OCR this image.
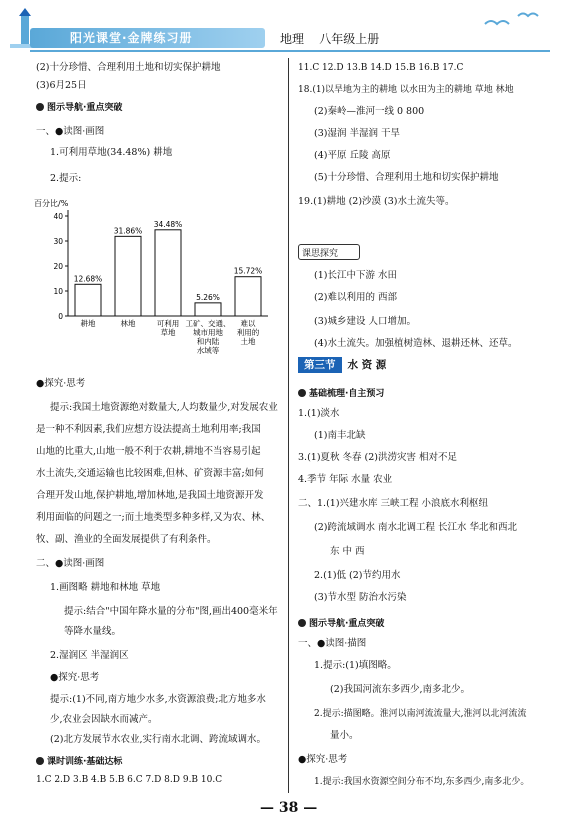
阳光课堂·金牌练习册	地理 八年级上册
(2)十分珍惜、合理利用土地和切实保护耕地
(3)6月25日
图示导航·重点突破
一、●读图·画图
1.可利用草地(34.48%) 耕地
2.提示:
百分比/%
0
10
20
30
40
12.68%
耕地
31.86%
林地
34.48%
可利用
草地
5.26%
工矿、交通、
城市用地
和内陆
水域等
15.72%
难以
利用的
土地
●探究·思考
提示:我国土地资源绝对数量大,人均数量少,对发展农业
是一种不利因素,我们应想方设法提高土地利用率;我国
山地的比重大,山地一般不利于农耕,耕地不当容易引起
水土流失,交通运输也比较困难,但林、矿资源丰富;如何
合理开发山地,保护耕地,增加林地,是我国土地资源开发
利用面临的问题之一;而土地类型多种多样,又为农、林、
牧、副、渔业的全面发展提供了有利条件。
二、●读图·画图
1.画图略 耕地和林地 草地
提示:结合"中国年降水量的分布"图,画出400毫米年
等降水量线。
2.湿润区 半湿润区
●探究·思考
提示:(1)不同,南方地少水多,水资源浪费;北方地多水
少,农业会因缺水而减产。
(2)北方发展节水农业,实行南水北调、跨流域调水。
课时训练·基础达标
1.C 2.D 3.B 4.B 5.B 6.C 7.D 8.D 9.B 10.C
11.C 12.D 13.B 14.D 15.B 16.B 17.C
18.(1)以旱地为主的耕地 以水田为主的耕地 草地 林地
(2)秦岭—淮河一线 0 800
(3)湿润 半湿润 干旱
(4)平原 丘陵 高原
(5)十分珍惜、合理利用土地和切实保护耕地
19.(1)耕地 (2)沙漠 (3)水土流失等。
课思探究
(1)长江中下游 水田
(2)难以利用的 西部
(3)城乡建设 人口增加。
(4)水土流失。加强植树造林、退耕还林、还草。
第三节 水 资 源
基础梳理·自主预习
1.(1)淡水
(1)南丰北缺
3.(1)夏秋 冬春 (2)洪涝灾害 相对不足
4.季节 年际 水量 农业
二、1.(1)兴建水库 三峡工程 小浪底水利枢纽
(2)跨流域调水 南水北调工程 长江水 华北和西北
东 中 西
2.(1)低 (2)节约用水
(3)节水型 防治水污染
图示导航·重点突破
一、●读图·描图
1.提示:(1)填图略。
(2)我国河流东多西少,南多北少。
2.提示:描图略。淮河以南河流流量大,淮河以北河流流
量小。
●探究·思考
1.提示:我国水资源空间分布不均,东多西少,南多北少。
— 38 —
